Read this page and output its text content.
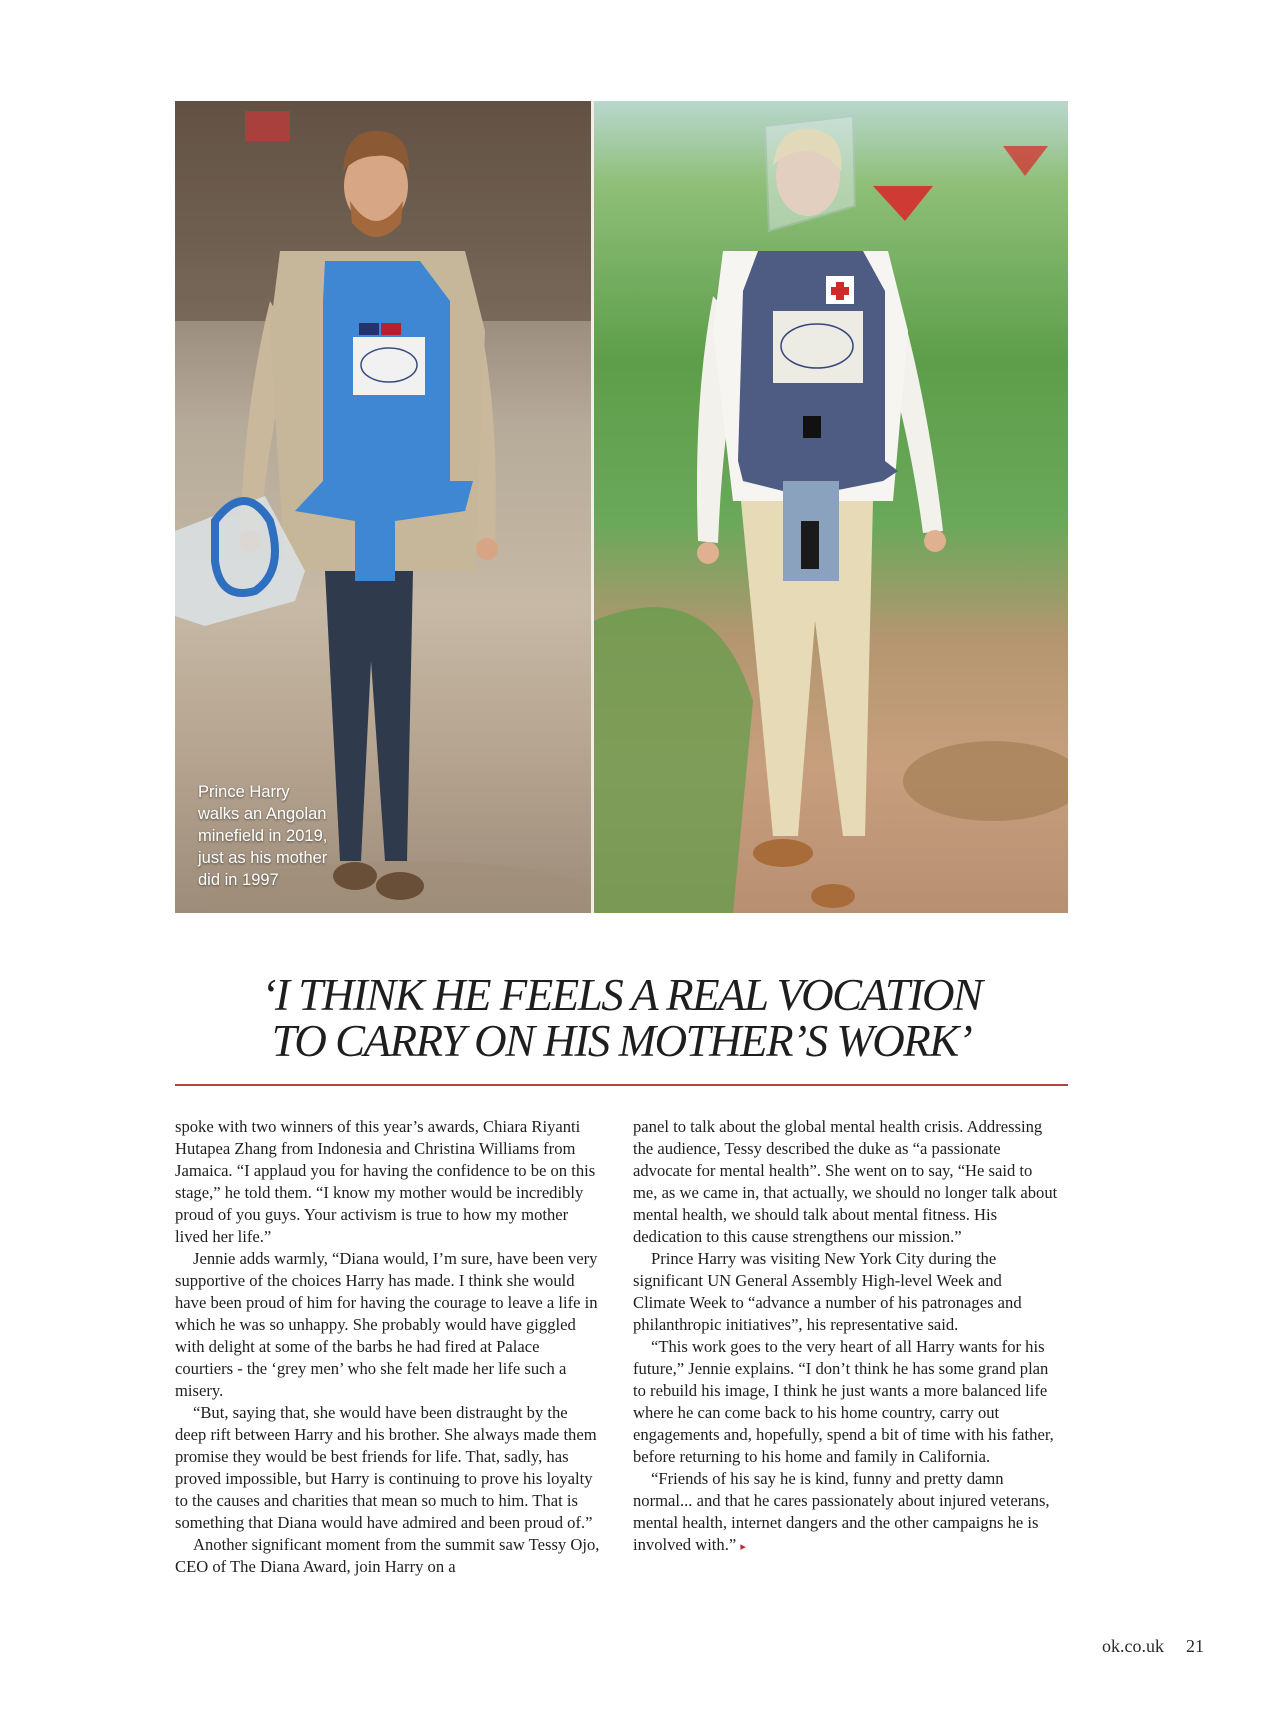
Prince Harry
walks an Angolan
minefield in 2019,
just as his mother
did in 1997
‘I THINK HE FEELS A REAL VOCATION
TO CARRY ON HIS MOTHER’S WORK’

spoke with two winners of this year’s awards, Chiara Riyanti Hutapea Zhang from Indonesia and Christina Williams from Jamaica. “I applaud you for having the confidence to be on this stage,” he told them. “I know my mother would be incredibly proud of you guys. Your activism is true to how my mother lived her life.”

Jennie adds warmly, “Diana would, I’m sure, have been very supportive of the choices Harry has made. I think she would have been proud of him for having the courage to leave a life in which he was so unhappy. She probably would have giggled with delight at some of the barbs he had fired at Palace courtiers - the ‘grey men’ who she felt made her life such a misery.

“But, saying that, she would have been distraught by the deep rift between Harry and his brother. She always made them promise they would be best friends for life. That, sadly, has proved impossible, but Harry is continuing to prove his loyalty to the causes and charities that mean so much to him. That is something that Diana would have admired and been proud of.”

Another significant moment from the summit saw Tessy Ojo, CEO of The Diana Award, join Harry on a

panel to talk about the global mental health crisis. Addressing the audience, Tessy described the duke as “a passionate advocate for mental health”. She went on to say, “He said to me, as we came in, that actually, we should no longer talk about mental health, we should talk about mental fitness. His dedication to this cause strengthens our mission.”

Prince Harry was visiting New York City during the significant UN General Assembly High-level Week and Climate Week to “advance a number of his patronages and philanthropic initiatives”, his representative said.

“This work goes to the very heart of all Harry wants for his future,” Jennie explains. “I don’t think he has some grand plan to rebuild his image, I think he just wants a more balanced life where he can come back to his home country, carry out engagements and, hopefully, spend a bit of time with his father, before returning to his home and family in California.

“Friends of his say he is kind, funny and pretty damn normal... and that he cares passionately about injured veterans, mental health, internet dangers and the other campaigns he is involved with.” ▸

ok.co.uk 21
